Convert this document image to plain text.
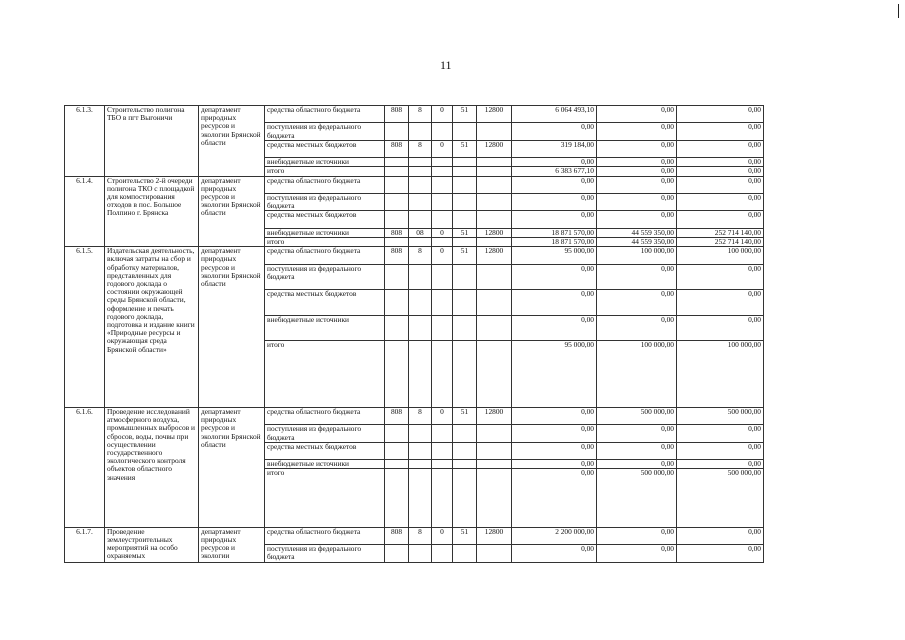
11
6.1.3.	Строительство полигона ТБО в пгт Выгоничи	департамент природных ресурсов и экологии Брянской области	средства областного бюджета	808	8	0	51	12800	6 064 493,10	0,00	0,00
			поступления из федерального бюджета						0,00	0,00	0,00
			средства местных бюджетов	808	8	0	51	12800	319 184,00	0,00	0,00
			внебюджетные источники						0,00	0,00	0,00
			итого						6 383 677,10	0,00	0,00
6.1.4.	Строительство 2-й очереди полигона ТКО с площадкой для компостирования отходов в пос. Большое Полпино г. Брянска	департамент природных ресурсов и экологии Брянской области	средства областного бюджета						0,00	0,00	0,00
			поступления из федерального бюджета						0,00	0,00	0,00
			средства местных бюджетов						0,00	0,00	0,00
			внебюджетные источники	808	08	0	51	12800	18 871 570,00	44 559 350,00	252 714 140,00
			итого						18 871 570,00	44 559 350,00	252 714 140,00
6.1.5.	Издательская деятельность, включая затраты на сбор и обработку материалов, представленных для годового доклада о состоянии окружающей среды Брянской области, оформление и печать годового доклада, подготовка и издание книги «Природные ресурсы и окружающая среда Брянской области»	департамент природных ресурсов и экологии Брянской области	средства областного бюджета	808	8	0	51	12800	95 000,00	100 000,00	100 000,00
			поступления из федерального бюджета						0,00	0,00	0,00
			средства местных бюджетов						0,00	0,00	0,00
			внебюджетные источники						0,00	0,00	0,00
			итого						95 000,00	100 000,00	100 000,00
6.1.6.	Проведение исследований атмосферного воздуха, промышленных выбросов и сбросов, воды, почвы при осуществлении государственного экологического контроля объектов областного значения	департамент природных ресурсов и экологии Брянской области	средства областного бюджета	808	8	0	51	12800	0,00	500 000,00	500 000,00
			поступления из федерального бюджета						0,00	0,00	0,00
			средства местных бюджетов						0,00	0,00	0,00
			внебюджетные источники						0,00	0,00	0,00
			итого						0,00	500 000,00	500 000,00
6.1.7.	Проведение землеустроительных мероприятий на особо охраняемых	департамент природных ресурсов и экологии	средства областного бюджета	808	8	0	51	12800	2 200 000,00	0,00	0,00
			поступления из федерального бюджета						0,00	0,00	0,00
